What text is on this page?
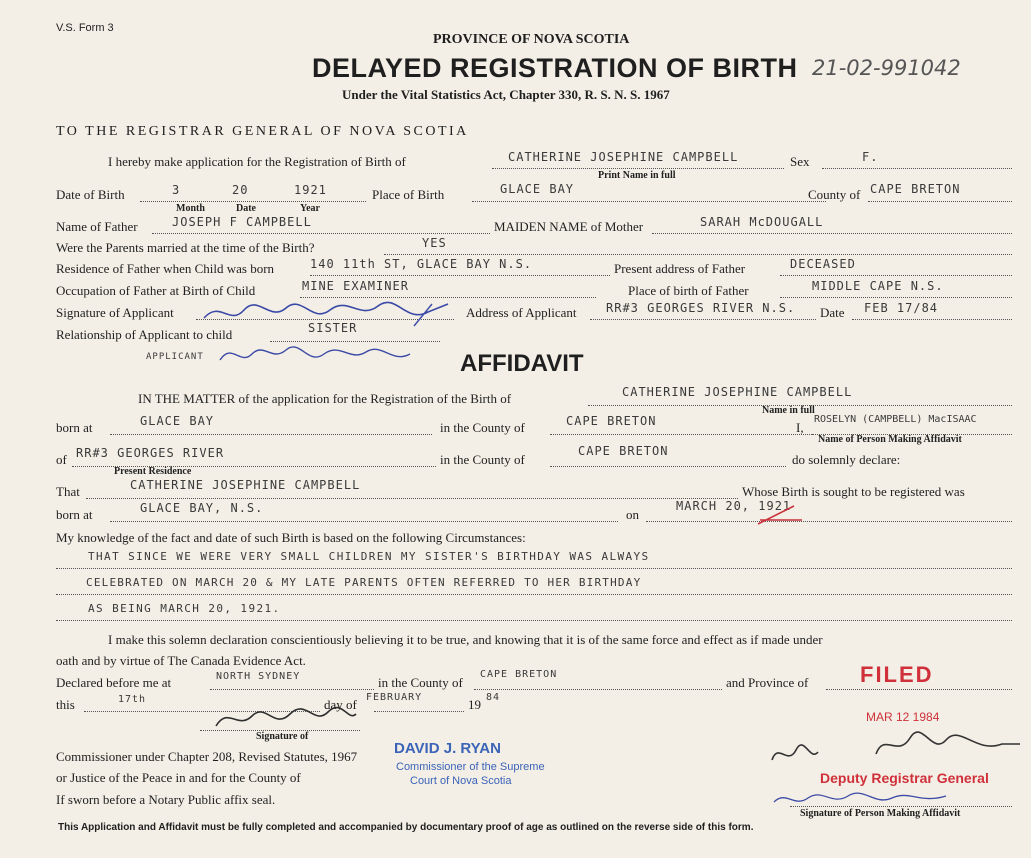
V.S. Form 3
PROVINCE OF NOVA SCOTIA
DELAYED REGISTRATION OF BIRTH
Under the Vital Statistics Act, Chapter 330, R. S. N. S. 1967
21-02-991042
TO THE REGISTRAR GENERAL OF NOVA SCOTIA
I hereby make application for the Registration of Birth of	CATHERINE JOSEPHINE CAMPBELL
Print Name in full
Sex	F.
Date of Birth	3	20	1921
Month	Date	Year
Place of Birth	GLACE BAY	County of CAPE BRETON
Name of Father	JOSEPH F CAMPBELL	MAIDEN NAME of Mother	SARAH McDOUGALL
Were the Parents married at the time of the Birth?	YES
Residence of Father when Child was born	140 11th ST, GLACE BAY N.S.	Present address of Father	DECEASED
Occupation of Father at Birth of Child	MINE EXAMINER	Place of birth of Father	MIDDLE CAPE N.S.
Signature of Applicant	Address of Applicant RR#3 GEORGES RIVER N.S. Date FEB 17/84
Relationship of Applicant to child	SISTER
APPLICANT	AFFIDAVIT
IN THE MATTER of the application for the Registration of the Birth of	CATHERINE JOSEPHINE CAMPBELL
Name in full
born at	GLACE BAY	in the County of	CAPE BRETON	I,
ROSELYN (CAMPBELL) MacISAAC
Name of Person Making Affidavit
of RR#3 GEORGES RIVER
Present Residence
in the County of
CAPE BRETON
do solemnly declare:
That	CATHERINE JOSEPHINE CAMPBELL	Whose Birth is sought to be registered was
born at	GLACE BAY, N.S.	on
MARCH 20, 1921
My knowledge of the fact and date of such Birth is based on the following Circumstances:
THAT SINCE WE WERE VERY SMALL CHILDREN MY SISTER'S BIRTHDAY WAS ALWAYS
CELEBRATED ON MARCH 20 & MY LATE PARENTS OFTEN REFERRED TO HER BIRTHDAY
AS BEING MARCH 20, 1921.
I make this solemn declaration conscientiously believing it to be true, and knowing that it is of the same force and effect as if made under
oath and by virtue of The Canada Evidence Act.
Declared before me at	NORTH SYDNEY	in the County of
CAPE BRETON
and Province of
this	17th	day of FEBRUARY	19 84
Signature of
Commissioner under Chapter 208, Revised Statutes, 1967
or Justice of the Peace in and for the County of
If sworn before a Notary Public affix seal.
DAVID J. RYAN
Commissioner of the Supreme
Court of Nova Scotia
FILED
MAR 12 1984
Deputy Registrar General
Signature of Person Making Affidavit
This Application and Affidavit must be fully completed and accompanied by documentary proof of age as outlined on the reverse side of this form.
